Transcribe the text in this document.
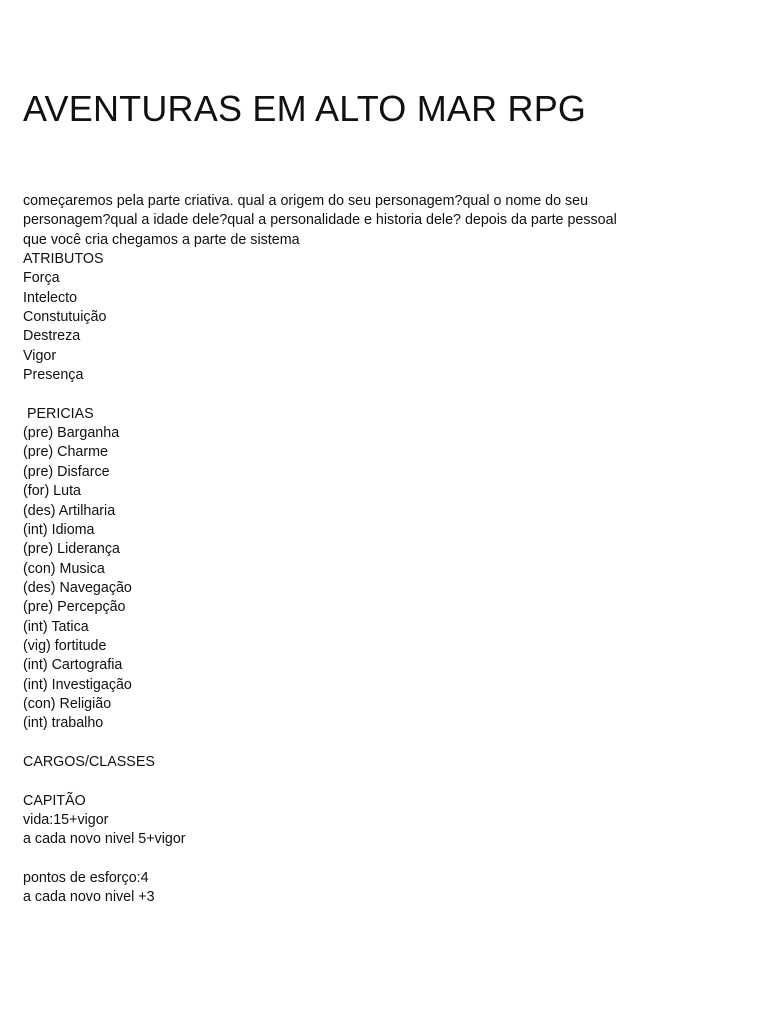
AVENTURAS EM ALTO MAR RPG
começaremos pela parte criativa. qual a origem do seu personagem?qual o nome do seu
personagem?qual a idade dele?qual a personalidade e historia dele? depois da parte pessoal
que você cria chegamos a parte de sistema
ATRIBUTOS
Força
Intelecto
Constutuição
Destreza
Vigor
Presença
PERICIAS
(pre) Barganha
(pre) Charme
(pre) Disfarce
(for) Luta
(des) Artilharia
(int) Idioma
(pre) Liderança
(con) Musica
(des) Navegação
(pre) Percepção
(int) Tatica
(vig) fortitude
(int) Cartografia
(int) Investigação
(con) Religião
(int) trabalho
CARGOS/CLASSES
CAPITÃO
vida:15+vigor
a cada novo nivel 5+vigor
pontos de esforço:4
a cada novo nivel +3
